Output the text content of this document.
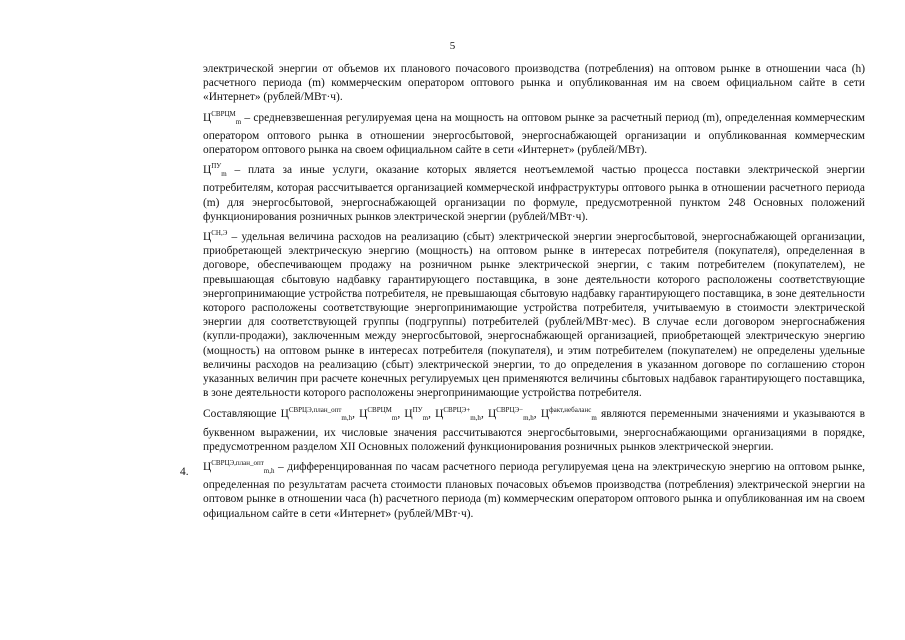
5

электрической энергии от объемов их планового почасового производства (потребления) на оптовом рынке в отношении часа (h) расчетного периода (m) коммерческим оператором оптового рынка и опубликованная им на своем официальном сайте в сети «Интернет» (рублей/МВт·ч).

$Ц^{СВРЦМ}_m$ – средневзвешенная регулируемая цена на мощность на оптовом рынке за расчетный период (m), определенная коммерческим оператором оптового рынка в отношении энергосбытовой, энергоснабжающей организации и опубликованная коммерческим оператором оптового рынка на своем официальном сайте в сети «Интернет» (рублей/МВт).

$Ц^{ПУ}_m$ – плата за иные услуги, оказание которых является неотъемлемой частью процесса поставки электрической энергии потребителям, которая рассчитывается организацией коммерческой инфраструктуры оптового рынка в отношении расчетного периода (m) для энергосбытовой, энергоснабжающей организации по формуле, предусмотренной пунктом 248 Основных положений функционирования розничных рынков электрической энергии (рублей/МВт·ч).

$Ц^{СН,Э}$ – удельная величина расходов на реализацию (сбыт) электрической энергии энергосбытовой, энергоснабжающей организации, приобретающей электрическую энергию (мощность) на оптовом рынке в интересах потребителя (покупателя), определенная в договоре, обеспечивающем продажу на розничном рынке электрической энергии, с таким потребителем (покупателем), не превышающая сбытовую надбавку гарантирующего поставщика, в зоне деятельности которого расположены соответствующие энергопринимающие устройства потребителя, не превышающая сбытовую надбавку гарантирующего поставщика, в зоне деятельности которого расположены соответствующие энергопринимающие устройства потребителя, учитываемую в стоимости электрической энергии для соответствующей группы (подгруппы) потребителей (рублей/МВт·мес). В случае если договором энергоснабжения (купли-продажи), заключенным между энергосбытовой, энергоснабжающей организацией, приобретающей электрическую энергию (мощность) на оптовом рынке в интересах потребителя (покупателя), и этим потребителем (покупателем) не определены удельные величины расходов на реализацию (сбыт) электрической энергии, то до определения в указанном договоре по соглашению сторон указанных величин при расчете конечных регулируемых цен применяются величины сбытовых надбавок гарантирующего поставщика, в зоне деятельности которого расположены энергопринимающие устройства потребителя.

Составляющие $Ц^{СВРЦЭ,план\_опт}_{m,h}$, $Ц^{СВРЦМ}_m$, $Ц^{ПУ}_m$, $Ц^{СВРЦЭ+}_{m,h}$, $Ц^{СВРЦЭ-}_{m,h}$, $Ц^{факт,небаланс}_m$ являются переменными значениями и указываются в буквенном выражении, их числовые значения рассчитываются энергосбытовыми, энергоснабжающими организациями в порядке, предусмотренном разделом XII Основных положений функционирования розничных рынков электрической энергии.

$Ц^{СВРЦЭ,план\_опт}_{m,h}$ – дифференцированная по часам расчетного периода регулируемая цена на электрическую энергию на оптовом рынке, определенная по результатам расчета стоимости плановых почасовых объемов производства (потребления) электрической энергии на оптовом рынке в отношении часа (h) расчетного периода (m) коммерческим оператором оптового рынка и опубликованная им на своем официальном сайте в сети «Интернет» (рублей/МВт·ч).

4.
